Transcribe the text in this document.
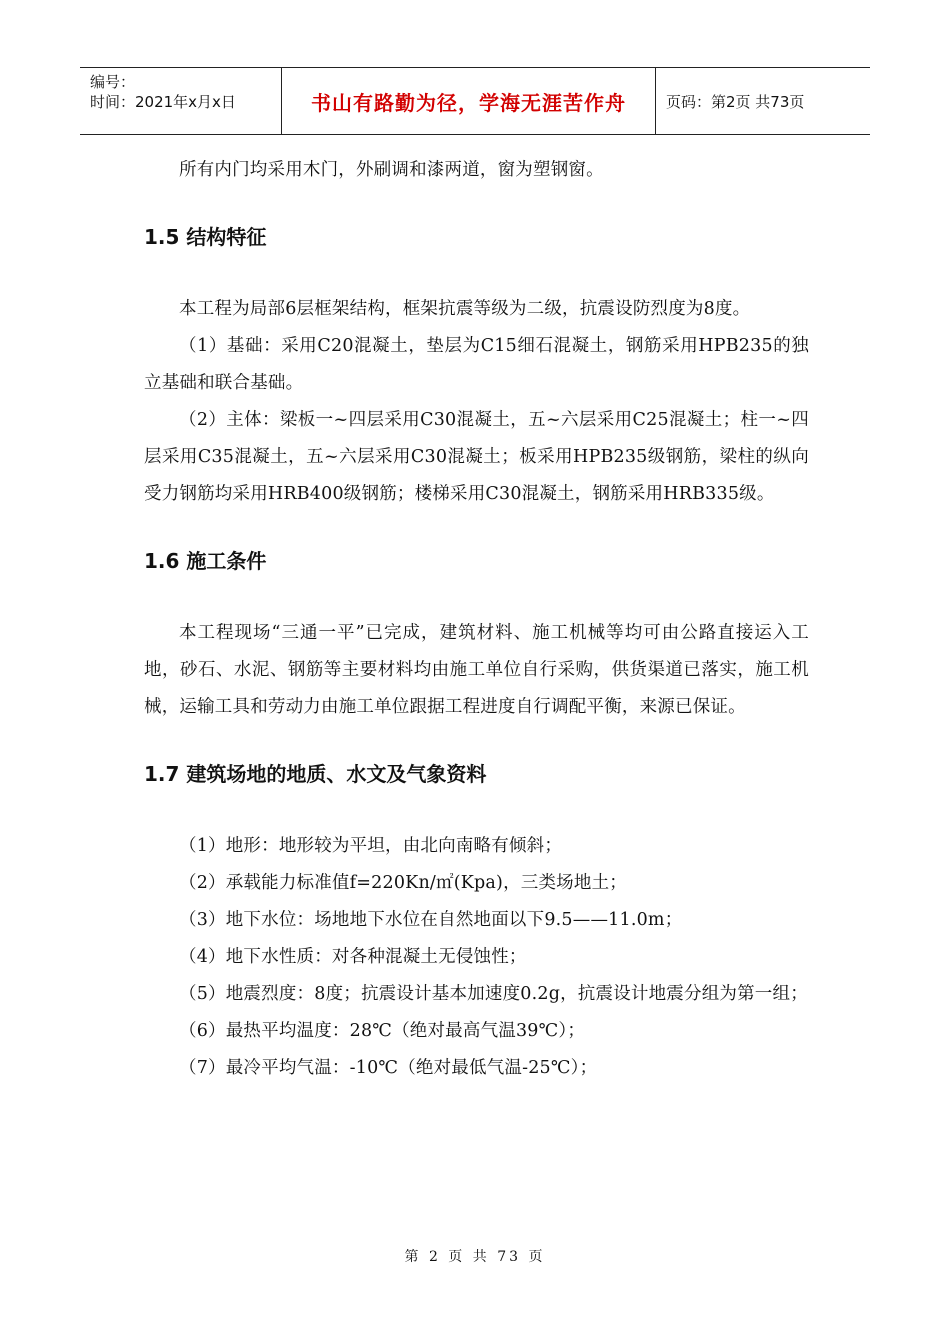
编号：
时间：2021年x月x日	书山有路勤为径，学海无涯苦作舟	页码：第2页 共73页

所有内门均采用木门，外刷调和漆两道，窗为塑钢窗。

1.5 结构特征

本工程为局部6层框架结构，框架抗震等级为二级，抗震设防烈度为8度。

（1）基础：采用C20混凝土，垫层为C15细石混凝土，钢筋采用HPB235的独立基础和联合基础。

（2）主体：梁板一~四层采用C30混凝土，五~六层采用C25混凝土；柱一~四层采用C35混凝土，五~六层采用C30混凝土；板采用HPB235级钢筋，梁柱的纵向受力钢筋均采用HRB400级钢筋；楼梯采用C30混凝土，钢筋采用HRB335级。

1.6 施工条件

本工程现场“三通一平”已完成，建筑材料、施工机械等均可由公路直接运入工地，砂石、水泥、钢筋等主要材料均由施工单位自行采购，供货渠道已落实，施工机械，运输工具和劳动力由施工单位跟据工程进度自行调配平衡，来源已保证。

1.7 建筑场地的地质、水文及气象资料

（1）地形：地形较为平坦，由北向南略有倾斜；

（2）承载能力标准值f=220Kn/㎡(Kpa)，三类场地土；

（3）地下水位：场地地下水位在自然地面以下9.5——11.0m；

（4）地下水性质：对各种混凝土无侵蚀性；

（5）地震烈度：8度；抗震设计基本加速度0.2g，抗震设计地震分组为第一组；

（6）最热平均温度：28℃（绝对最高气温39℃）；

（7）最冷平均气温：-10℃（绝对最低气温-25℃）；

第 2 页 共 73 页
